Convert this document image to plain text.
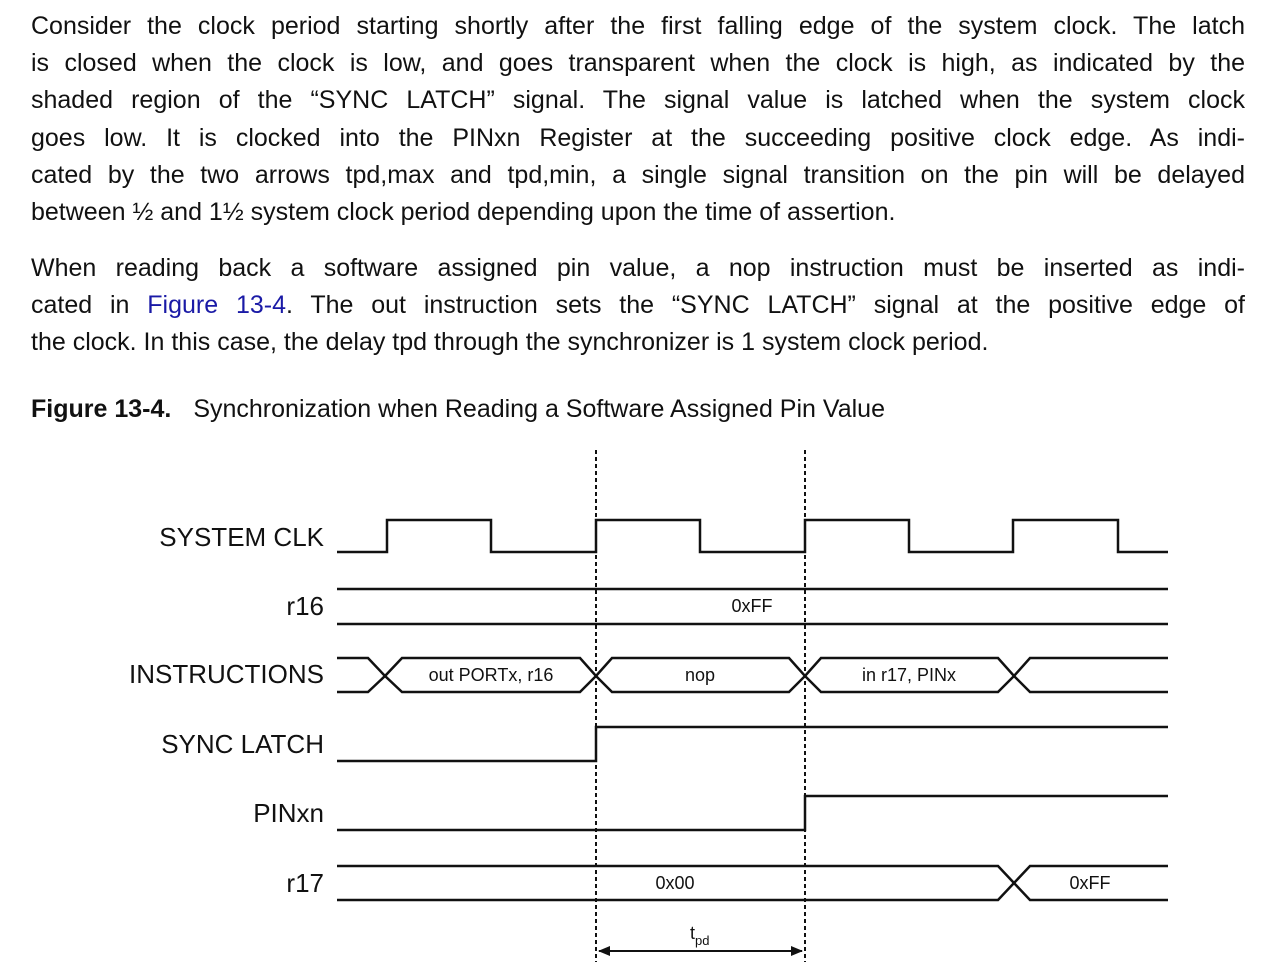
Consider the clock period starting shortly after the first falling edge of the system clock. The latch
is closed when the clock is low, and goes transparent when the clock is high, as indicated by the
shaded region of the “SYNC LATCH” signal. The signal value is latched when the system clock
goes low. It is clocked into the PINxn Register at the succeeding positive clock edge. As indi-
cated by the two arrows tpd,max and tpd,min, a single signal transition on the pin will be delayed
between ½ and 1½ system clock period depending upon the time of assertion.
When reading back a software assigned pin value, a nop instruction must be inserted as indi-
cated in Figure 13-4. The out instruction sets the “SYNC LATCH” signal at the positive edge of
the clock. In this case, the delay tpd through the synchronizer is 1 system clock period.
Figure 13-4. Synchronization when Reading a Software Assigned Pin Value
SYSTEM CLK
r16
INSTRUCTIONS
SYNC LATCH
PINxn
r17
0xFF
out PORTx, r16	nop	in r17, PINx
0x00	0xFF
$t_{pd}$
